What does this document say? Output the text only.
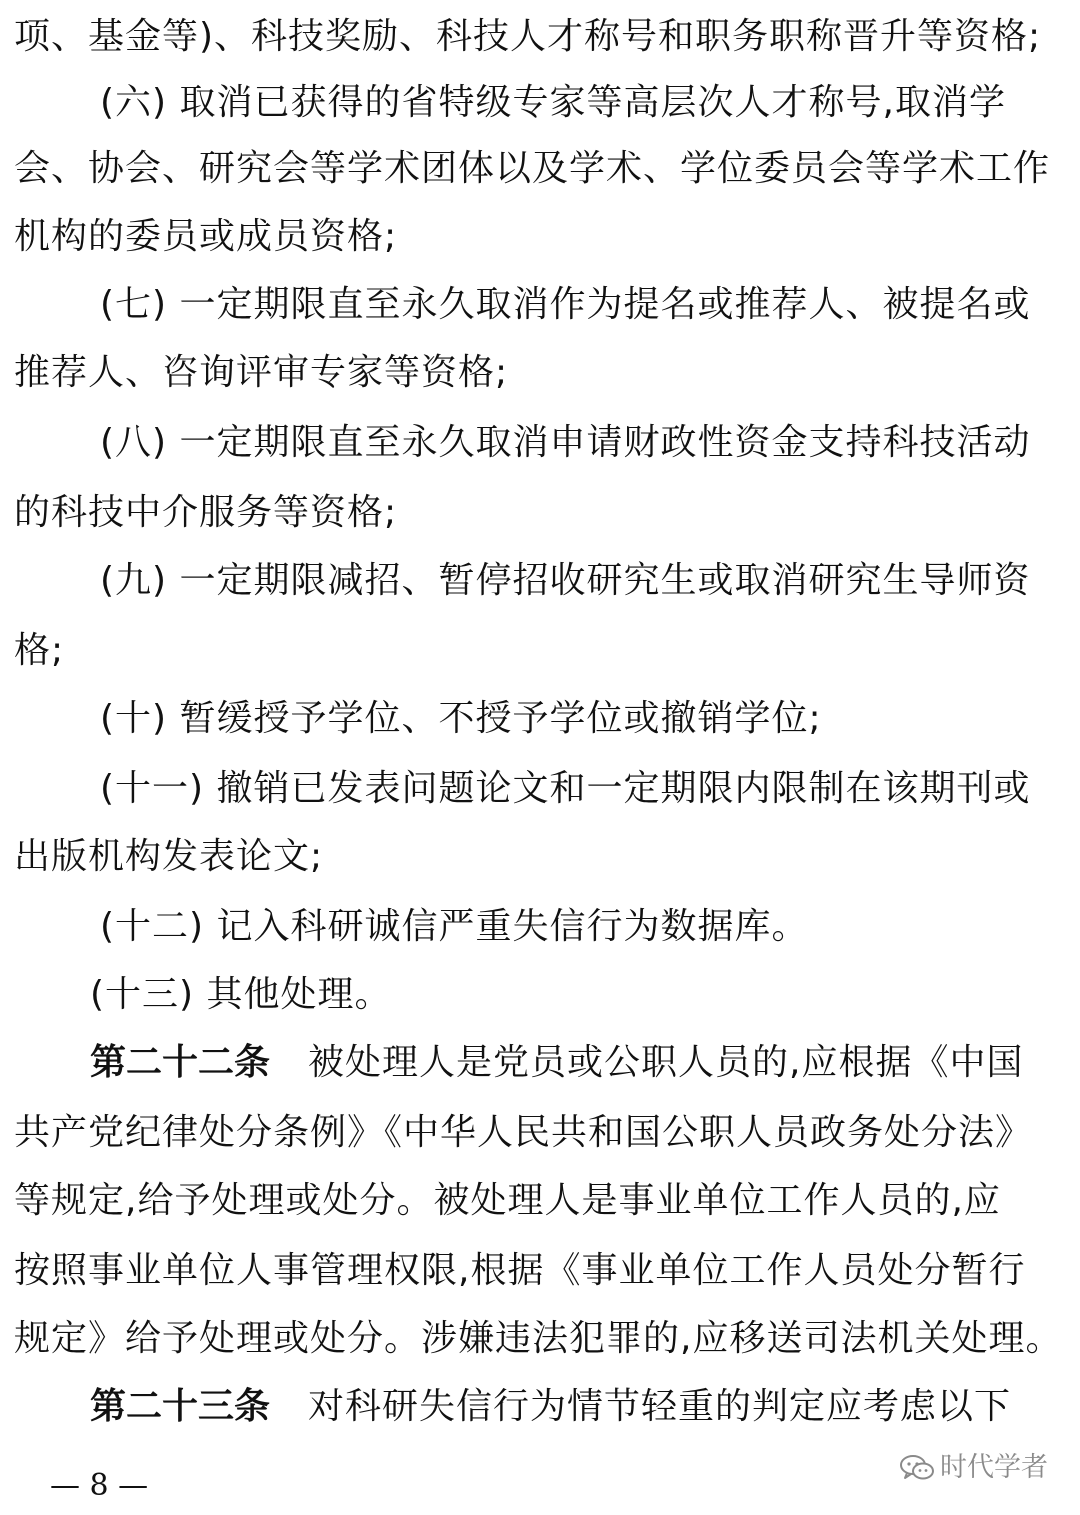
项、基金等)、科技奖励、科技人才称号和职务职称晋升等资格;
(六) 取消已获得的省特级专家等高层次人才称号,取消学
会、协会、研究会等学术团体以及学术、学位委员会等学术工作
机构的委员或成员资格;
(七) 一定期限直至永久取消作为提名或推荐人、被提名或
推荐人、咨询评审专家等资格;
(八) 一定期限直至永久取消申请财政性资金支持科技活动
的科技中介服务等资格;
(九) 一定期限减招、暂停招收研究生或取消研究生导师资
格;
(十) 暂缓授予学位、不授予学位或撤销学位;
(十一) 撤销已发表问题论文和一定期限内限制在该期刊或
出版机构发表论文;
(十二) 记入科研诚信严重失信行为数据库。
(十三) 其他处理。
第二十二条 被处理人是党员或公职人员的,应根据《中国
共产党纪律处分条例》《中华人民共和国公职人员政务处分法》
等规定,给予处理或处分。被处理人是事业单位工作人员的,应
按照事业单位人事管理权限,根据《事业单位工作人员处分暂行
规定》给予处理或处分。涉嫌违法犯罪的,应移送司法机关处理。
第二十三条 对科研失信行为情节轻重的判定应考虑以下
— 8 —
时代学者
